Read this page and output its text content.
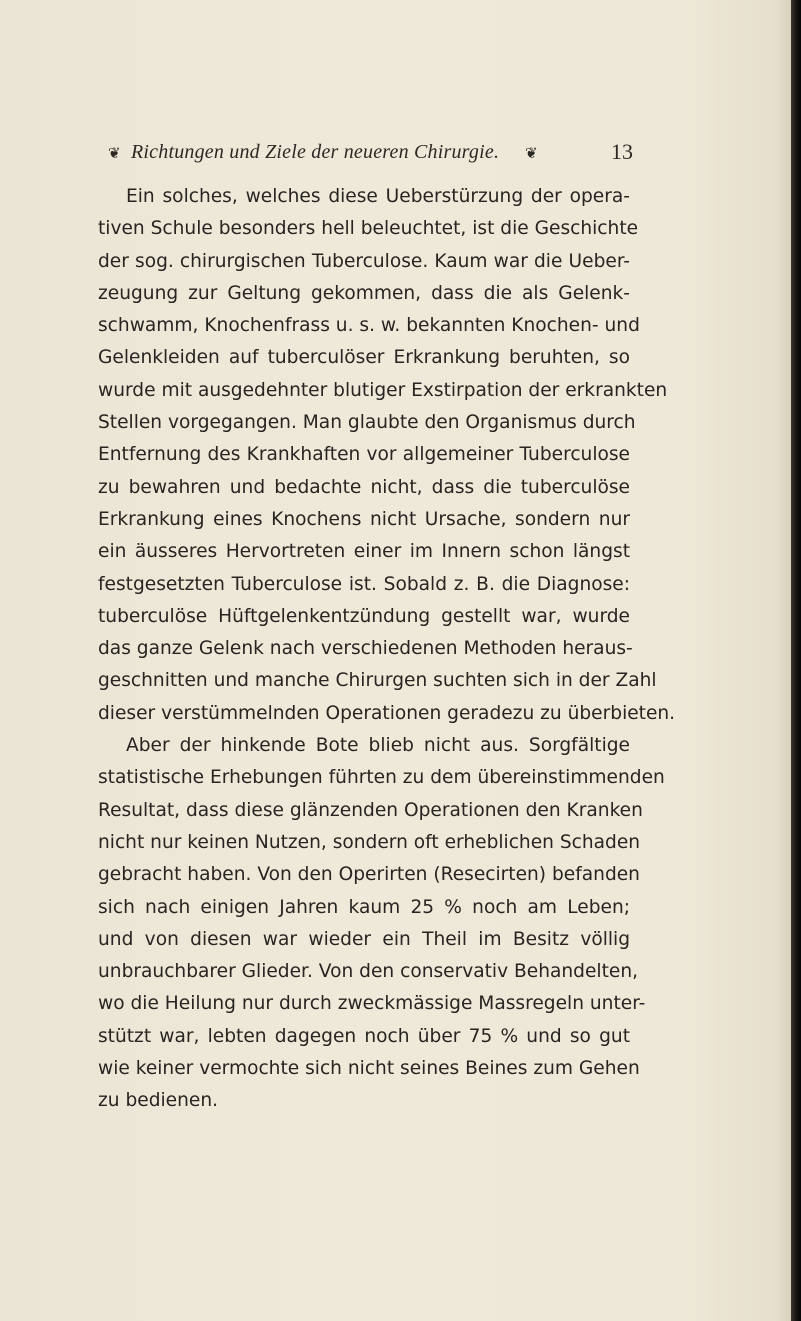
❦ Richtungen und Ziele der neueren Chirurgie. ❦	13
Ein solches, welches diese Ueberstürzung der opera-
tiven Schule besonders hell beleuchtet, ist die Geschichte
der sog. chirurgischen Tuberculose. Kaum war die Ueber-
zeugung zur Geltung gekommen, dass die als Gelenk-
schwamm, Knochenfrass u. s. w. bekannten Knochen- und
Gelenkleiden auf tuberculöser Erkrankung beruhten, so
wurde mit ausgedehnter blutiger Exstirpation der erkrankten
Stellen vorgegangen. Man glaubte den Organismus durch
Entfernung des Krankhaften vor allgemeiner Tuberculose
zu bewahren und bedachte nicht, dass die tuberculöse
Erkrankung eines Knochens nicht Ursache, sondern nur
ein äusseres Hervortreten einer im Innern schon längst
festgesetzten Tuberculose ist. Sobald z. B. die Diagnose:
tuberculöse Hüftgelenkentzündung gestellt war, wurde
das ganze Gelenk nach verschiedenen Methoden heraus-
geschnitten und manche Chirurgen suchten sich in der Zahl
dieser verstümmelnden Operationen geradezu zu überbieten.
Aber der hinkende Bote blieb nicht aus. Sorgfältige
statistische Erhebungen führten zu dem übereinstimmenden
Resultat, dass diese glänzenden Operationen den Kranken
nicht nur keinen Nutzen, sondern oft erheblichen Schaden
gebracht haben. Von den Operirten (Resecirten) befanden
sich nach einigen Jahren kaum 25 % noch am Leben;
und von diesen war wieder ein Theil im Besitz völlig
unbrauchbarer Glieder. Von den conservativ Behandelten,
wo die Heilung nur durch zweckmässige Massregeln unter-
stützt war, lebten dagegen noch über 75 % und so gut
wie keiner vermochte sich nicht seines Beines zum Gehen
zu bedienen.
